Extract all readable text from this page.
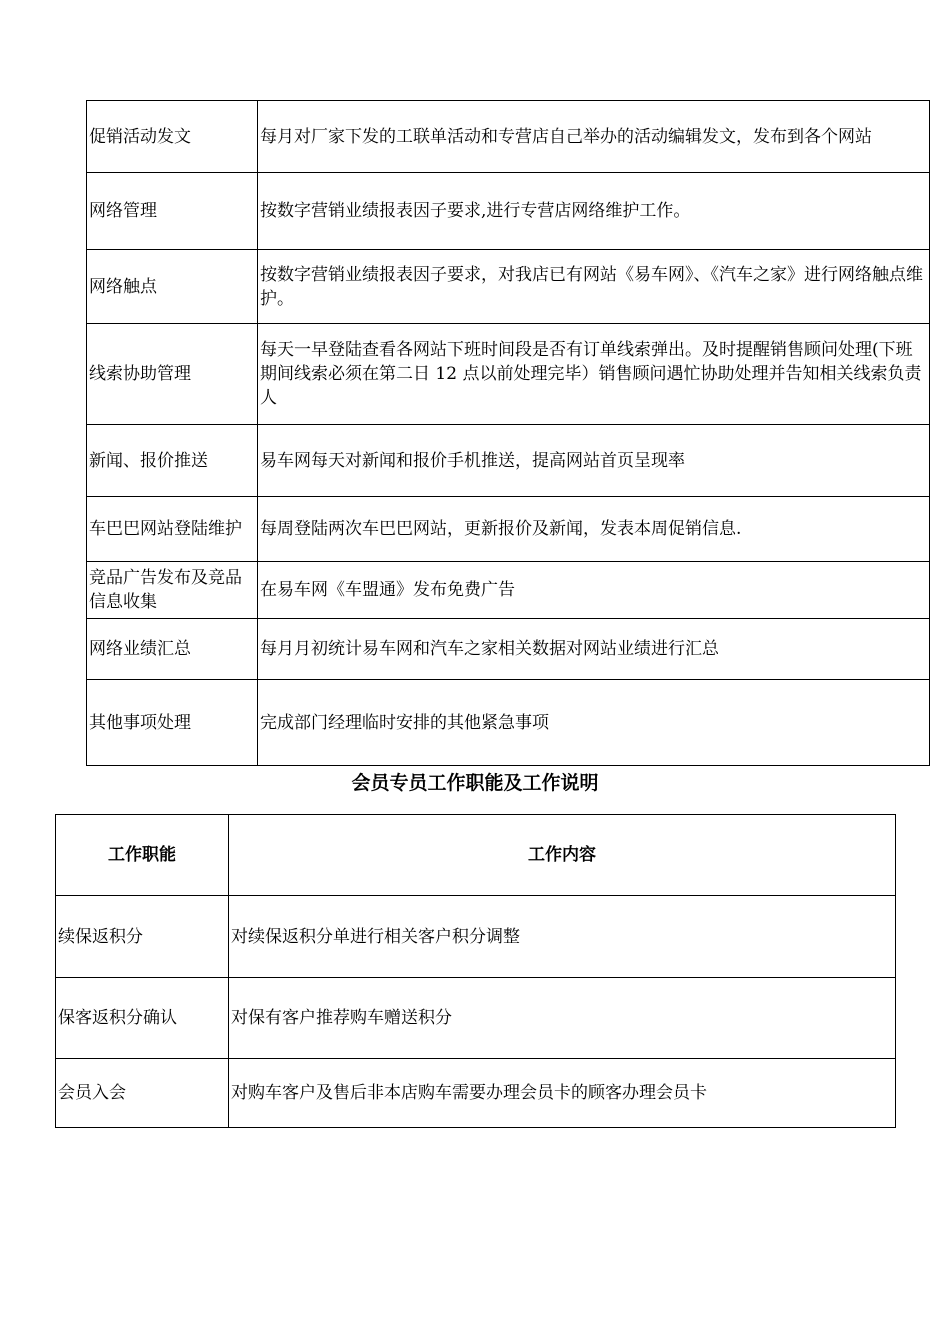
促销活动发文	每月对厂家下发的工联单活动和专营店自己举办的活动编辑发文，发布到各个网站
网络管理	按数字营销业绩报表因子要求,进行专营店网络维护工作。
网络触点	按数字营销业绩报表因子要求，对我店已有网站《易车网》、《汽车之家》进行网络触点维护。
线索协助管理	每天一早登陆查看各网站下班时间段是否有订单线索弹出。及时提醒销售顾问处理(下班期间线索必须在第二日 12 点以前处理完毕）销售顾问遇忙协助处理并告知相关线索负责人
新闻、报价推送	易车网每天对新闻和报价手机推送，提高网站首页呈现率
车巴巴网站登陆维护	每周登陆两次车巴巴网站，更新报价及新闻，发表本周促销信息.
竞品广告发布及竞品信息收集	在易车网《车盟通》发布免费广告
网络业绩汇总	每月月初统计易车网和汽车之家相关数据对网站业绩进行汇总
其他事项处理	完成部门经理临时安排的其他紧急事项
会员专员工作职能及工作说明
工作职能	工作内容
续保返积分	对续保返积分单进行相关客户积分调整
保客返积分确认	对保有客户推荐购车赠送积分
会员入会	对购车客户及售后非本店购车需要办理会员卡的顾客办理会员卡
